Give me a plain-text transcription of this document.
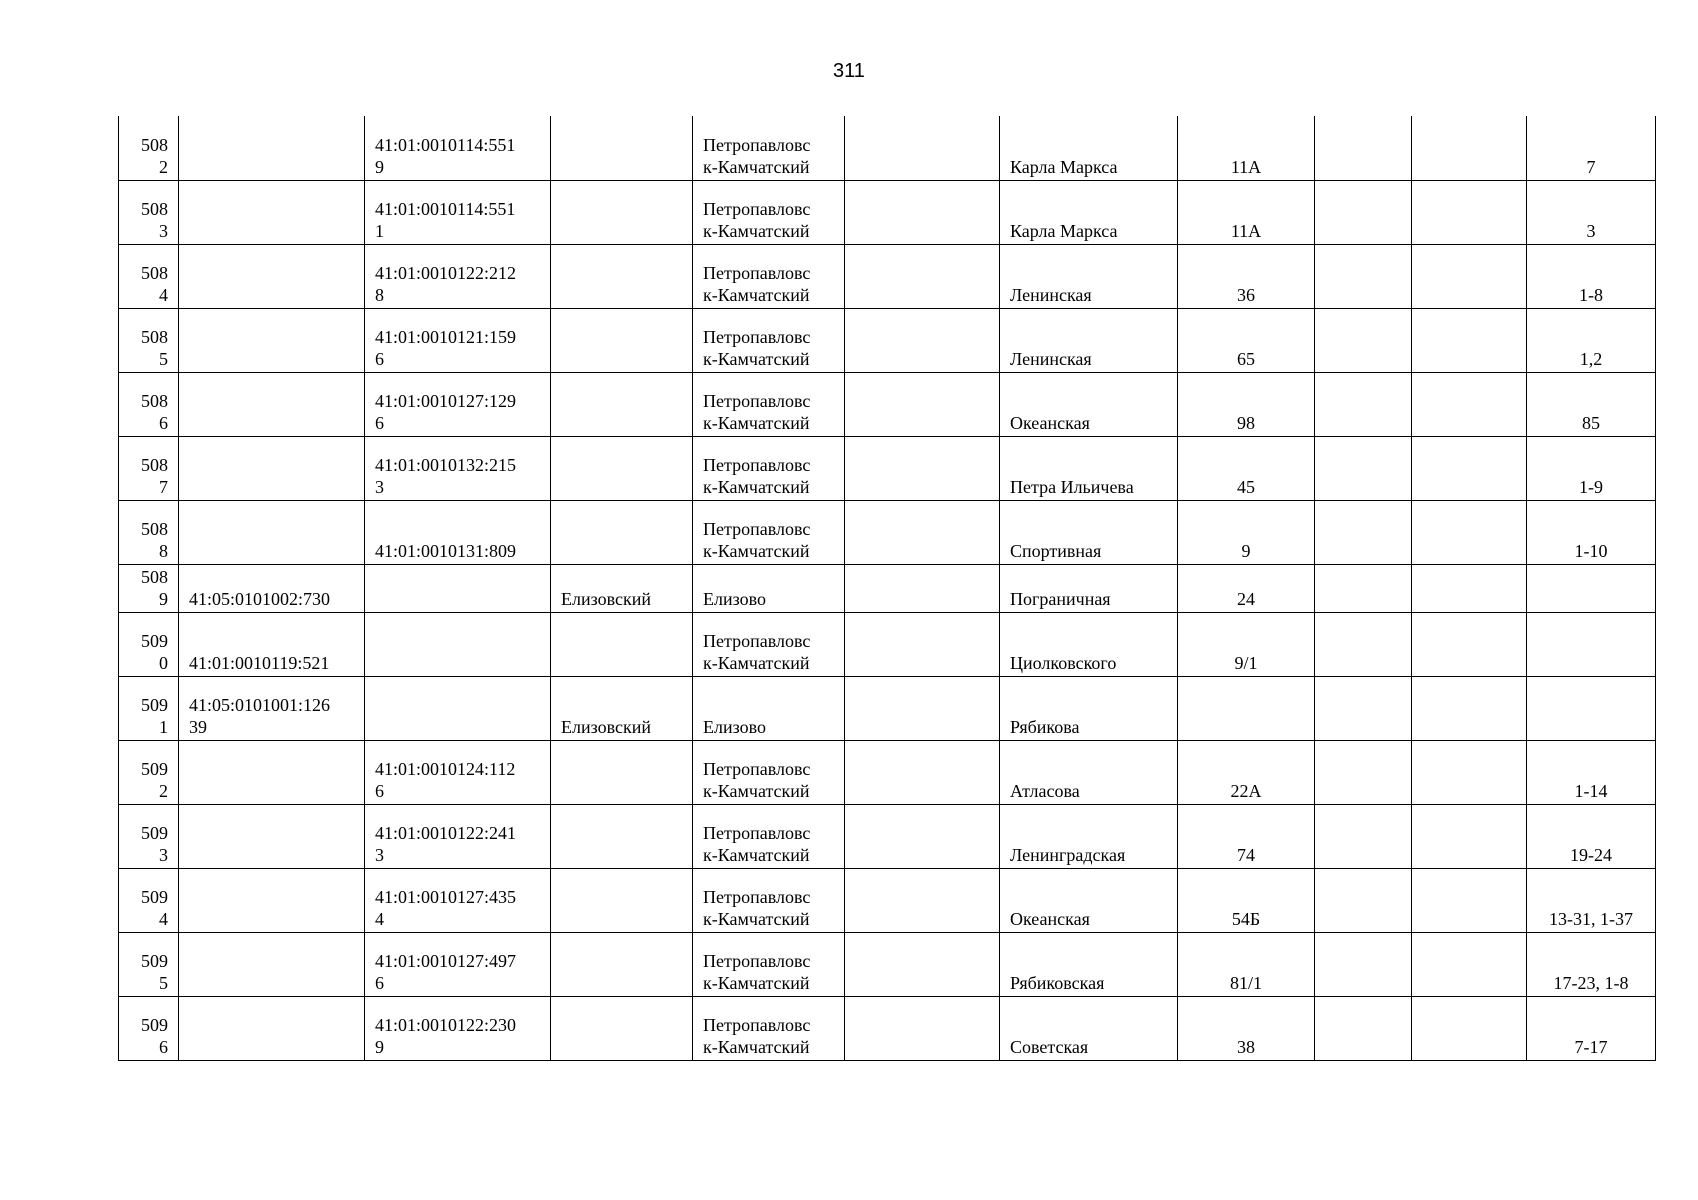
311
508
2		41:01:0010114:551
9		Петропавловс
к-Камчатский		Карла Маркса	11А			7
508
3		41:01:0010114:551
1		Петропавловс
к-Камчатский		Карла Маркса	11А			3
508
4		41:01:0010122:212
8		Петропавловс
к-Камчатский		Ленинская	36			1-8
508
5		41:01:0010121:159
6		Петропавловс
к-Камчатский		Ленинская	65			1,2
508
6		41:01:0010127:129
6		Петропавловс
к-Камчатский		Океанская	98			85
508
7		41:01:0010132:215
3		Петропавловс
к-Камчатский		Петра Ильичева	45			1-9
508
8		41:01:0010131:809		Петропавловс
к-Камчатский		Спортивная	9			1-10
508
9	41:05:0101002:730		Елизовский	Елизово		Пограничная	24			
509
0	41:01:0010119:521			Петропавловс
к-Камчатский		Циолковского	9/1			
509
1	41:05:0101001:126
39		Елизовский	Елизово		Рябикова				
509
2		41:01:0010124:112
6		Петропавловс
к-Камчатский		Атласова	22А			1-14
509
3		41:01:0010122:241
3		Петропавловс
к-Камчатский		Ленинградская	74			19-24
509
4		41:01:0010127:435
4		Петропавловс
к-Камчатский		Океанская	54Б			13-31, 1-37
509
5		41:01:0010127:497
6		Петропавловс
к-Камчатский		Рябиковская	81/1			17-23, 1-8
509
6		41:01:0010122:230
9		Петропавловс
к-Камчатский		Советская	38			7-17
